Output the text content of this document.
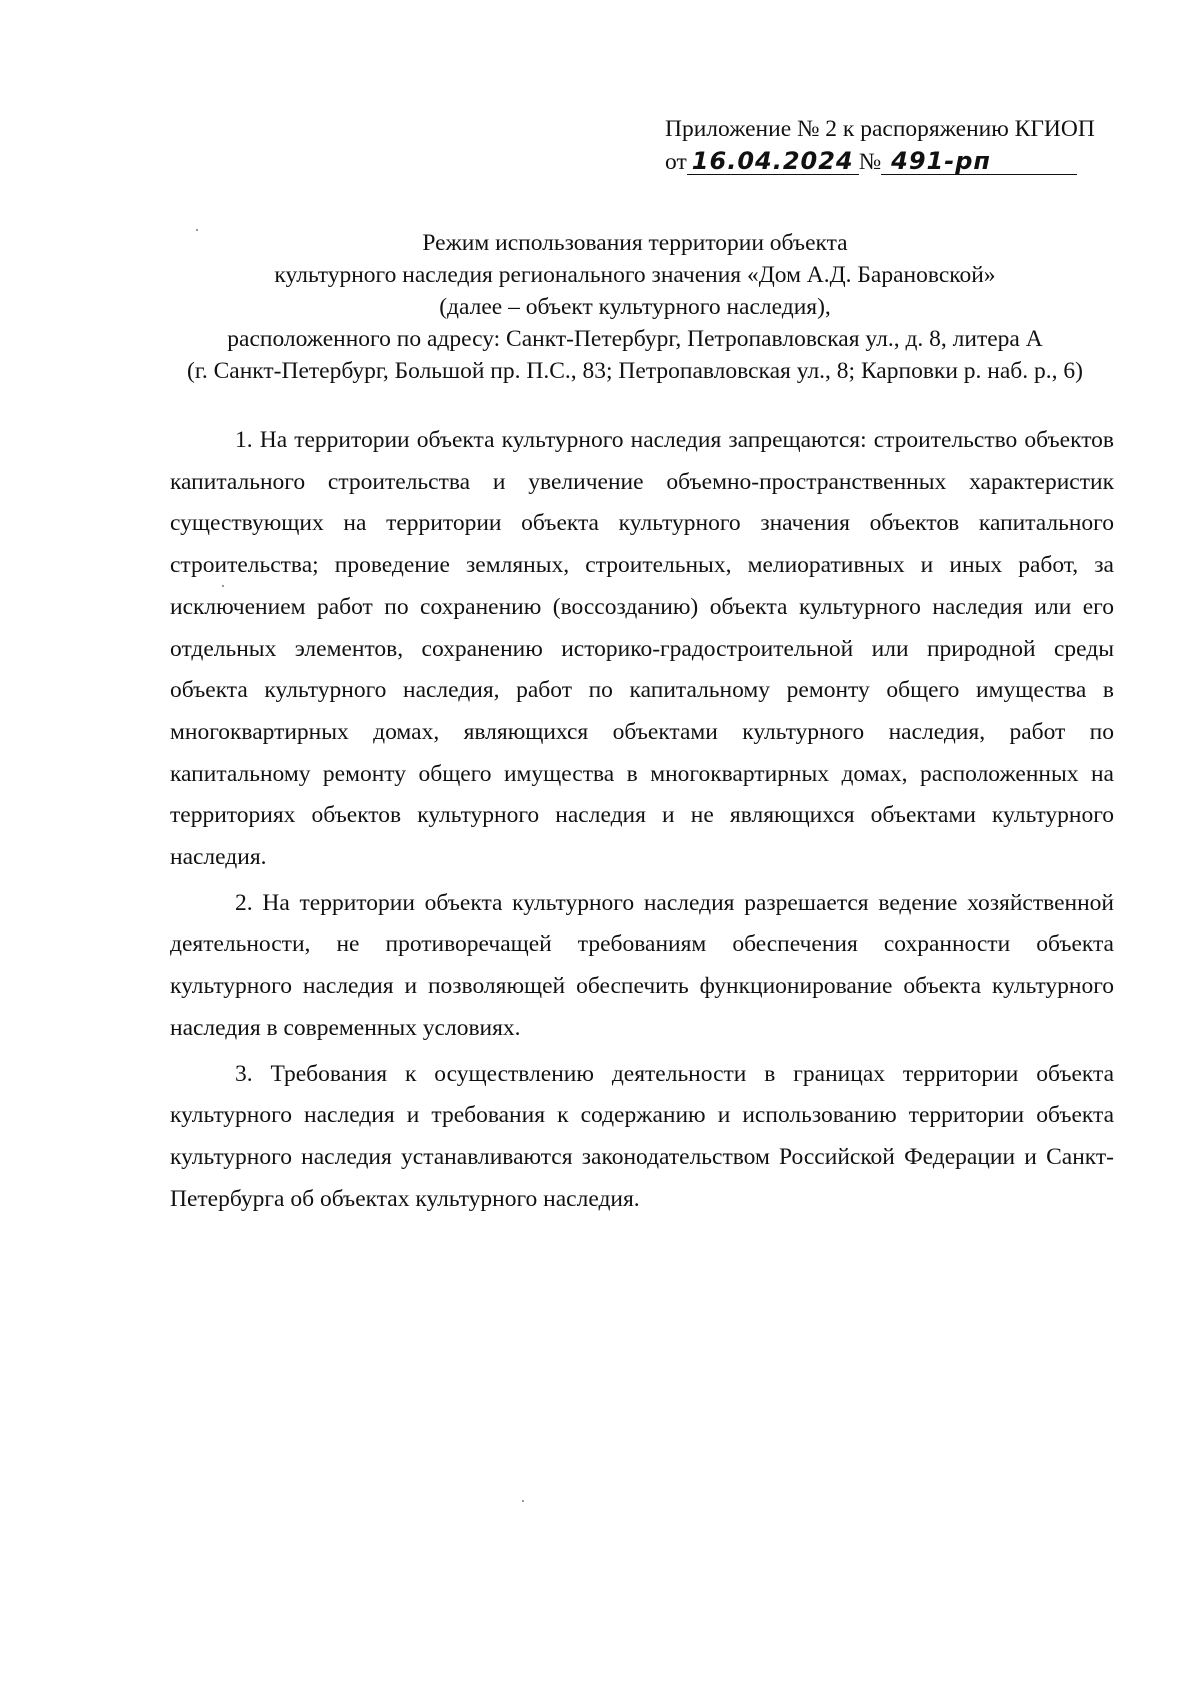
Приложение № 2 к распоряжению КГИОП
от 16.04.2024 № 491-рп
Режим использования территории объекта
культурного наследия регионального значения «Дом А.Д. Барановской»
(далее – объект культурного наследия),
расположенного по адресу: Санкт-Петербург, Петропавловская ул., д. 8, литера А
(г. Санкт-Петербург, Большой пр. П.С., 83; Петропавловская ул., 8; Карповки р. наб. р., 6)

1. На территории объекта культурного наследия запрещаются: строительство объектов капитального строительства и увеличение объемно-пространственных характеристик существующих на территории объекта культурного значения объектов капитального строительства; проведение земляных, строительных, мелиоративных и иных работ, за исключением работ по сохранению (воссозданию) объекта культурного наследия или его отдельных элементов, сохранению историко-градостроительной или природной среды объекта культурного наследия, работ по капитальному ремонту общего имущества в многоквартирных домах, являющихся объектами культурного наследия, работ по капитальному ремонту общего имущества в многоквартирных домах, расположенных на территориях объектов культурного наследия и не являющихся объектами культурного наследия.

2. На территории объекта культурного наследия разрешается ведение хозяйственной деятельности, не противоречащей требованиям обеспечения сохранности объекта культурного наследия и позволяющей обеспечить функционирование объекта культурного наследия в современных условиях.

3. Требования к осуществлению деятельности в границах территории объекта культурного наследия и требования к содержанию и использованию территории объекта культурного наследия устанавливаются законодательством Российской Федерации и Санкт-Петербурга об объектах культурного наследия.
